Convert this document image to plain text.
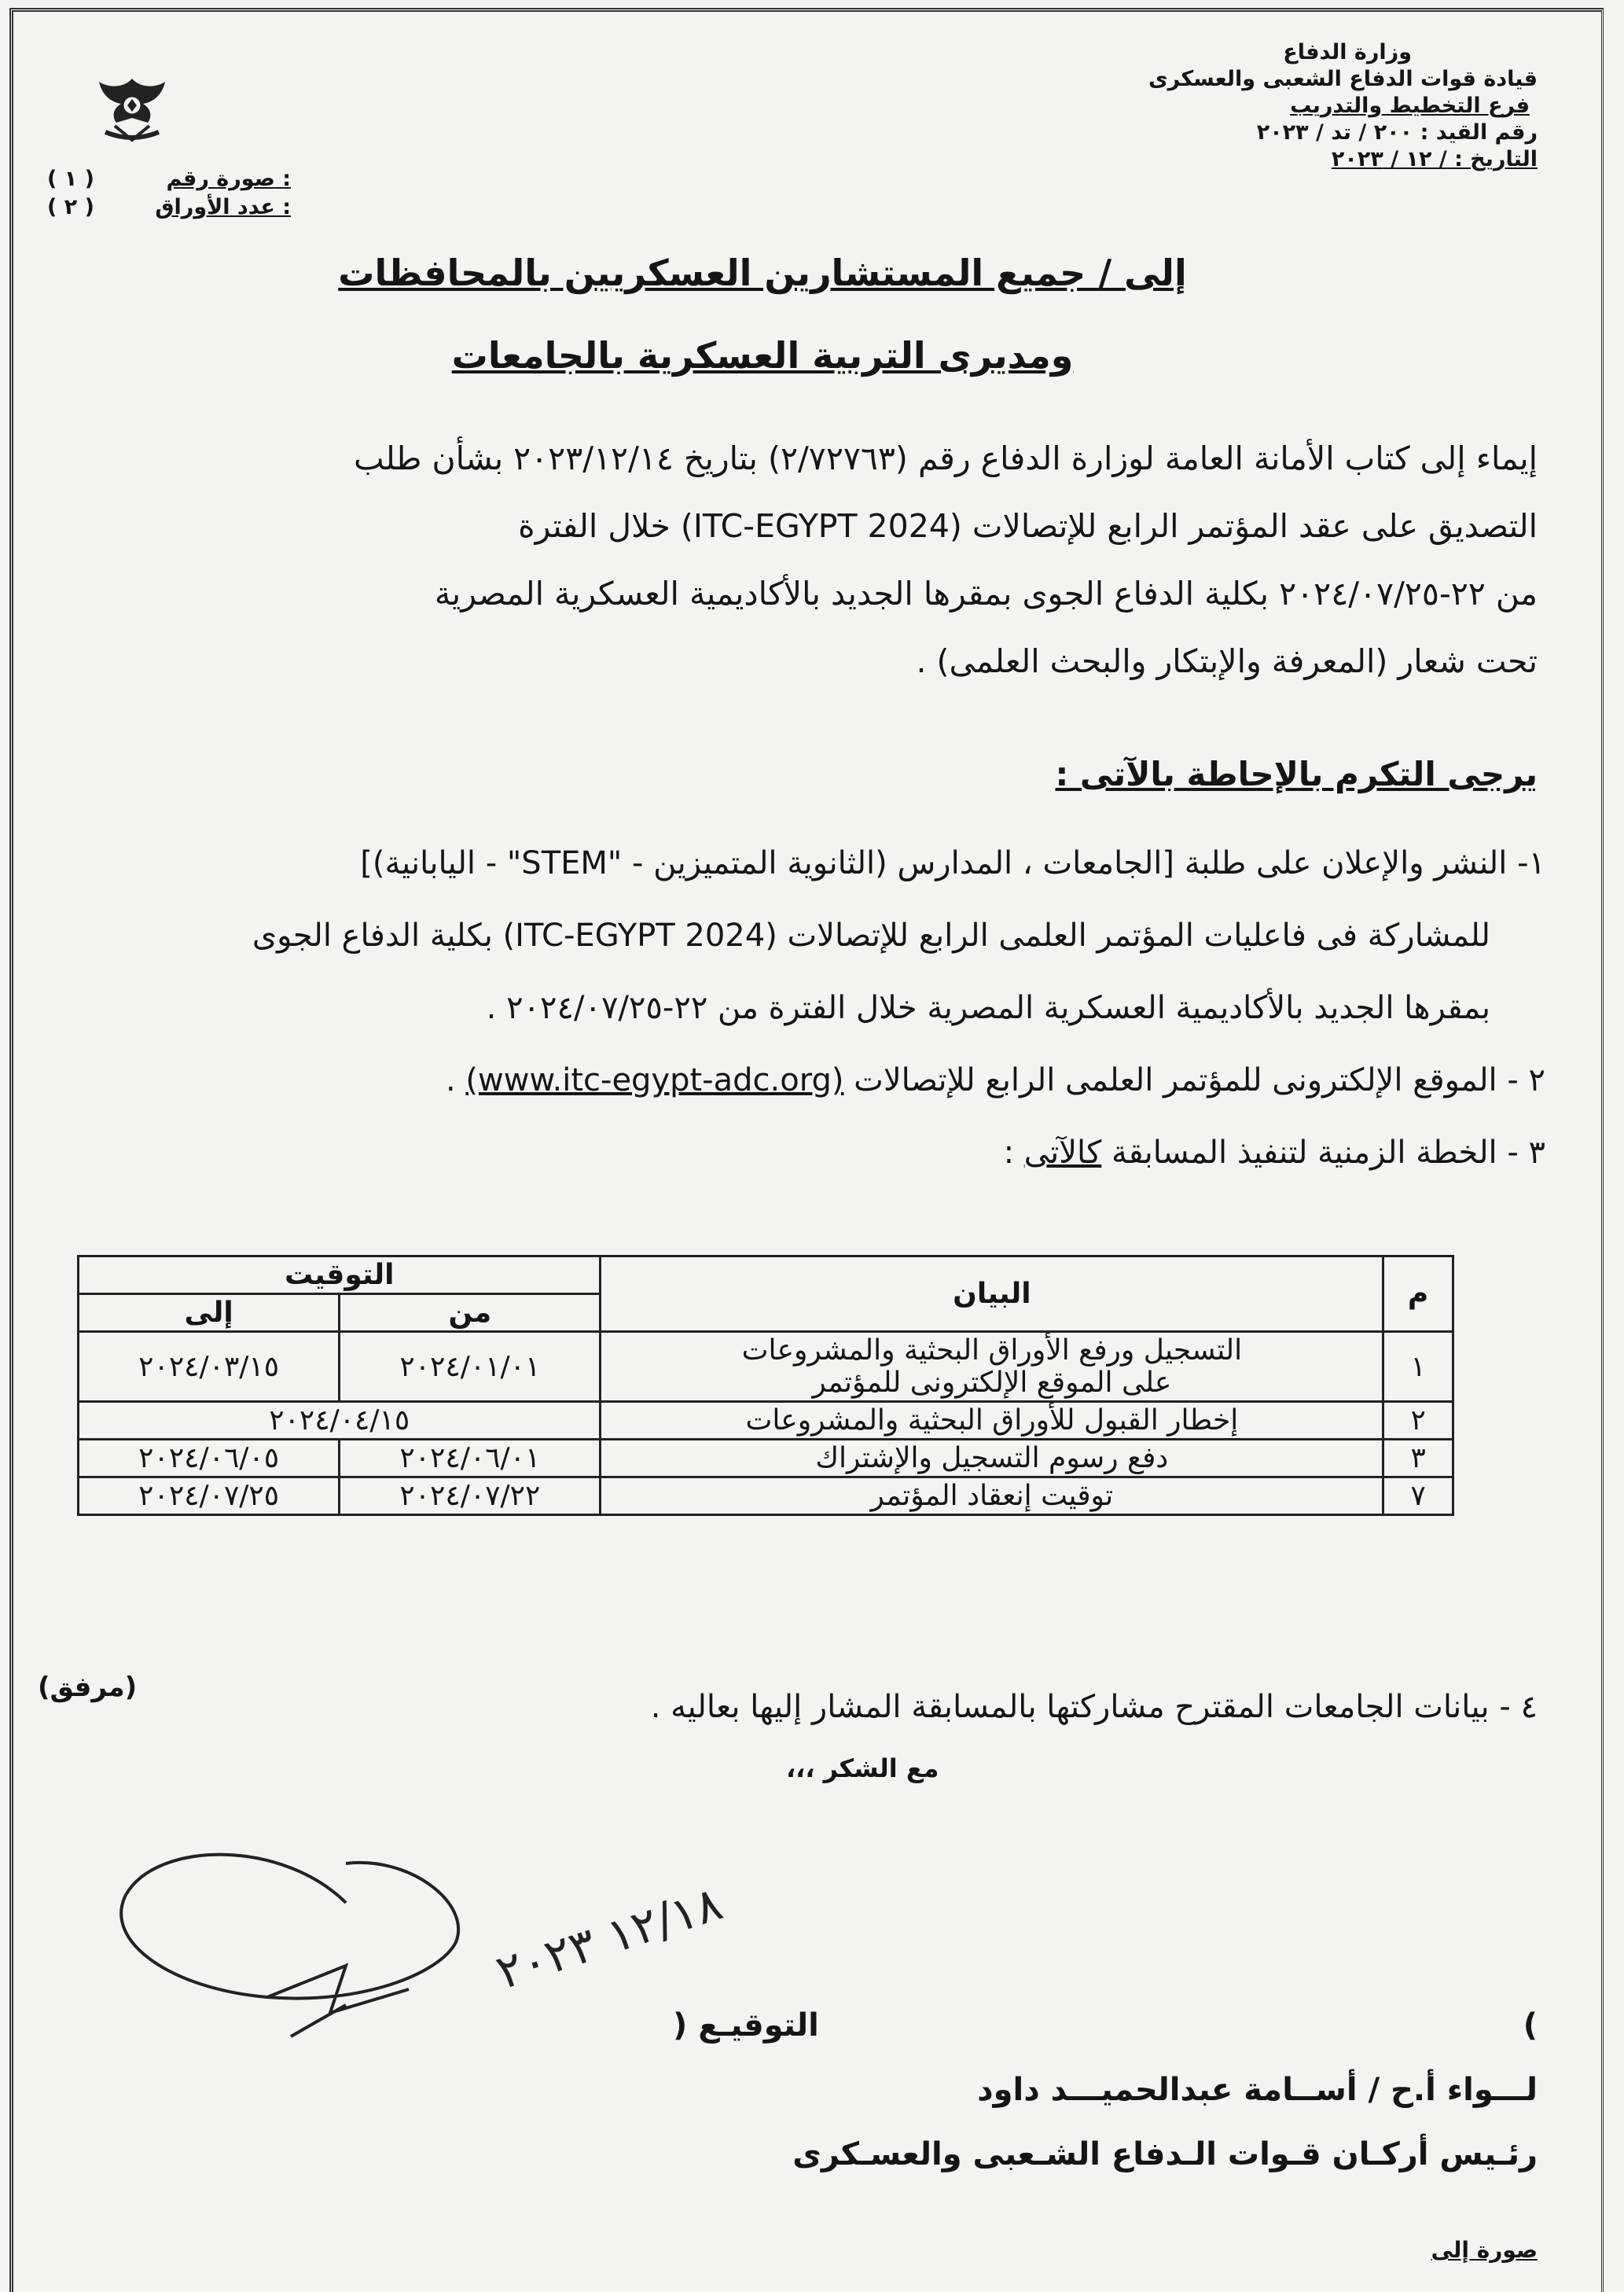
وزارة الدفاع
قيادة قوات الدفاع الشعبى والعسكرى
فرع التخطيط والتدريب
رقم القيد : ٢٠٠ / تد / ٢٠٢٣
التاريخ : / ١٢ / ٢٠٢٣
صورة رقم :
( ١ )
عدد الأوراق :
( ٢ )
إلى / جميع المستشارين العسكريين بالمحافظات
ومديرى التربية العسكرية بالجامعات

إيماء إلى كتاب الأمانة العامة لوزارة الدفاع رقم (٢/٧٢٧٦٣) بتاريخ ٢٠٢٣/١٢/١٤ بشأن طلب

التصديق على عقد المؤتمر الرابع للإتصالات (ITC-EGYPT 2024) خلال الفترة

من ٢٢-٢٠٢٤/٠٧/٢٥ بكلية الدفاع الجوى بمقرها الجديد بالأكاديمية العسكرية المصرية

تحت شعار (المعرفة والإبتكار والبحث العلمى) .

يرجى التكرم بالإحاطة بالآتى :

١- النشر والإعلان على طلبة [الجامعات ، المدارس (الثانوية المتميزين - "STEM" - اليابانية)]

للمشاركة فى فاعليات المؤتمر العلمى الرابع للإتصالات (ITC-EGYPT 2024) بكلية الدفاع الجوى

بمقرها الجديد بالأكاديمية العسكرية المصرية خلال الفترة من ٢٢-٢٠٢٤/٠٧/٢٥ .

٢ - الموقع الإلكترونى للمؤتمر العلمى الرابع للإتصالات (www.itc-egypt-adc.org) .

٣ - الخطة الزمنية لتنفيذ المسابقة كالآتى :

م	البيان	التوقيت	
		من	إلى
١	التسجيل ورفع الأوراق البحثية والمشروعات
على الموقع الإلكترونى للمؤتمر	٢٠٢٤/٠١/٠١	٢٠٢٤/٠٣/١٥
٢	إخطار القبول للأوراق البحثية والمشروعات	٢٠٢٤/٠٤/١٥	
٣	دفع رسوم التسجيل والإشتراك	٢٠٢٤/٠٦/٠١	٢٠٢٤/٠٦/٠٥
٧	توقيت إنعقاد المؤتمر	٢٠٢٤/٠٧/٢٢	٢٠٢٤/٠٧/٢٥
٤ - بيانات الجامعات المقترح مشاركتها بالمسابقة المشار إليها بعاليه .
(مرفق)
مع الشكر ،،،
١٢/١٨ ٢٠٢٣

التوقيـع (	)

لـــواء أ.ح / أســامة عبدالحميـــد داود

رئـيس أركـان قـوات الـدفاع الشـعبى والعسـكرى

صورة إلى
